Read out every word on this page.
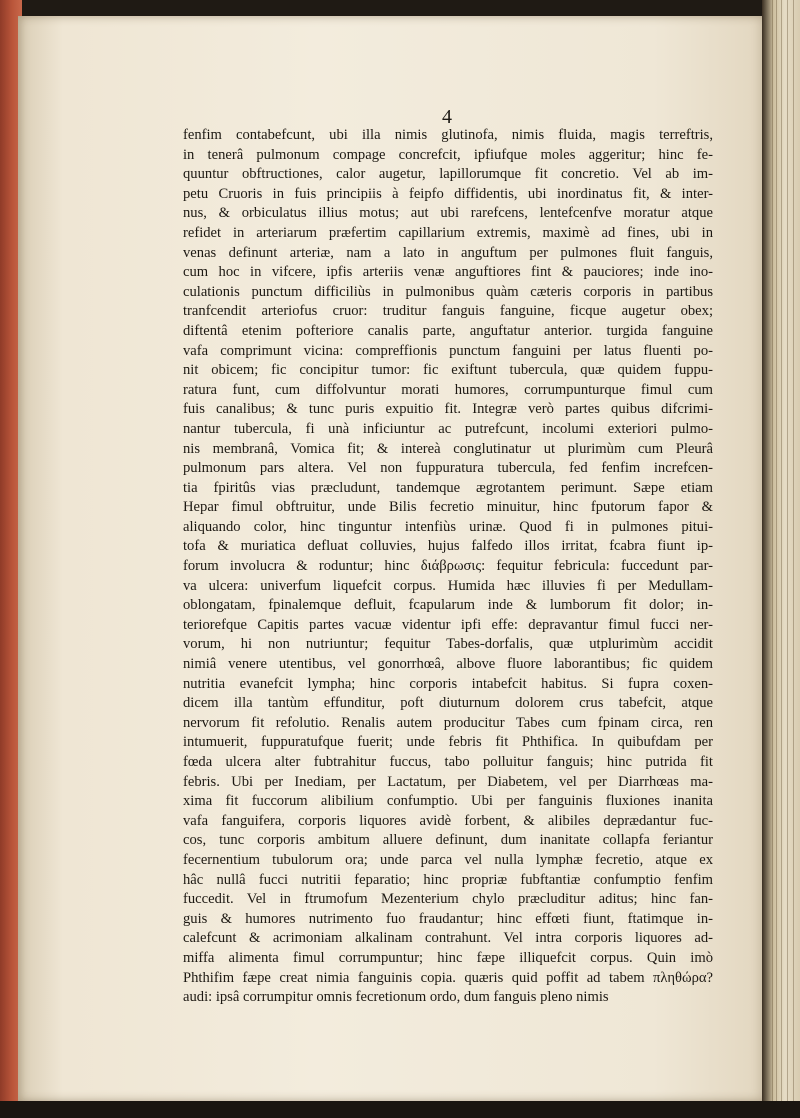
4
fenfim contabefcunt, ubi illa nimis glutinofa, nimis fluida, magis terreftris,
in tenerâ pulmonum compage concrefcit, ipfiufque moles aggeritur; hinc fe-
quuntur obftructiones, calor augetur, lapillorumque fit concretio. Vel ab im-
petu Cruoris in fuis principiis à feipfo diffidentis, ubi inordinatus fit, & inter-
nus, & orbiculatus illius motus; aut ubi rarefcens, lentefcenfve moratur atque
refidet in arteriarum præfertim capillarium extremis, maximè ad fines, ubi in
venas definunt arteriæ, nam a lato in anguftum per pulmones fluit fanguis,
cum hoc in vifcere, ipfis arteriis venæ anguftiores fint & pauciores; inde ino-
culationis punctum difficiliùs in pulmonibus quàm cæteris corporis in partibus
tranfcendit arteriofus cruor: truditur fanguis fanguine, ficque augetur obex;
diftentâ etenim pofteriore canalis parte, anguftatur anterior. turgida fanguine
vafa comprimunt vicina: compreffionis punctum fanguini per latus fluenti po-
nit obicem; fic concipitur tumor: fic exiftunt tubercula, quæ quidem fuppu-
ratura funt, cum diffolvuntur morati humores, corrumpunturque fimul cum
fuis canalibus; & tunc puris expuitio fit. Integræ verò partes quibus difcrimi-
nantur tubercula, fi unà inficiuntur ac putrefcunt, incolumi exteriori pulmo-
nis membranâ, Vomica fit; & intereà conglutinatur ut plurimùm cum Pleurâ
pulmonum pars altera. Vel non fuppuratura tubercula, fed fenfim increfcen-
tia fpiritûs vias præcludunt, tandemque ægrotantem perimunt. Sæpe etiam
Hepar fimul obftruitur, unde Bilis fecretio minuitur, hinc fputorum fapor &
aliquando color, hinc tinguntur intenfiùs urinæ. Quod fi in pulmones pitui-
tofa & muriatica defluat colluvies, hujus falfedo illos irritat, fcabra fiunt ip-
forum involucra & roduntur; hinc διάβρωσις: fequitur febricula: fuccedunt par-
va ulcera: univerfum liquefcit corpus. Humida hæc illuvies fi per Medullam-
oblongatam, fpinalemque defluit, fcapularum inde & lumborum fit dolor; in-
teriorefque Capitis partes vacuæ videntur ipfi effe: depravantur fimul fucci ner-
vorum, hi non nutriuntur; fequitur Tabes-dorfalis, quæ utplurimùm accidit
nimiâ venere utentibus, vel gonorrhœâ, albove fluore laborantibus; fic quidem
nutritia evanefcit lympha; hinc corporis intabefcit habitus. Si fupra coxen-
dicem illa tantùm effunditur, poft diuturnum dolorem crus tabefcit, atque
nervorum fit refolutio. Renalis autem producitur Tabes cum fpinam circa, ren
intumuerit, fuppuratufque fuerit; unde febris fit Phthifica. In quibufdam per
fœda ulcera alter fubtrahitur fuccus, tabo polluitur fanguis; hinc putrida fit
febris. Ubi per Inediam, per Lactatum, per Diabetem, vel per Diarrhœas ma-
xima fit fuccorum alibilium confumptio. Ubi per fanguinis fluxiones inanita
vafa fanguifera, corporis liquores avidè forbent, & alibiles deprædantur fuc-
cos, tunc corporis ambitum alluere definunt, dum inanitate collapfa feriantur
fecernentium tubulorum ora; unde parca vel nulla lymphæ fecretio, atque ex
hâc nullâ fucci nutritii feparatio; hinc propriæ fubftantiæ confumptio fenfim
fuccedit. Vel in ftrumofum Mezenterium chylo præcluditur aditus; hinc fan-
guis & humores nutrimento fuo fraudantur; hinc effœti fiunt, ftatimque in-
calefcunt & acrimoniam alkalinam contrahunt. Vel intra corporis liquores ad-
miffa alimenta fimul corrumpuntur; hinc fæpe illiquefcit corpus. Quin imò
Phthifim fæpe creat nimia fanguinis copia. quæris quid poffit ad tabem πληθώρα?
audi: ipsâ corrumpitur omnis fecretionum ordo, dum fanguis pleno nimis
